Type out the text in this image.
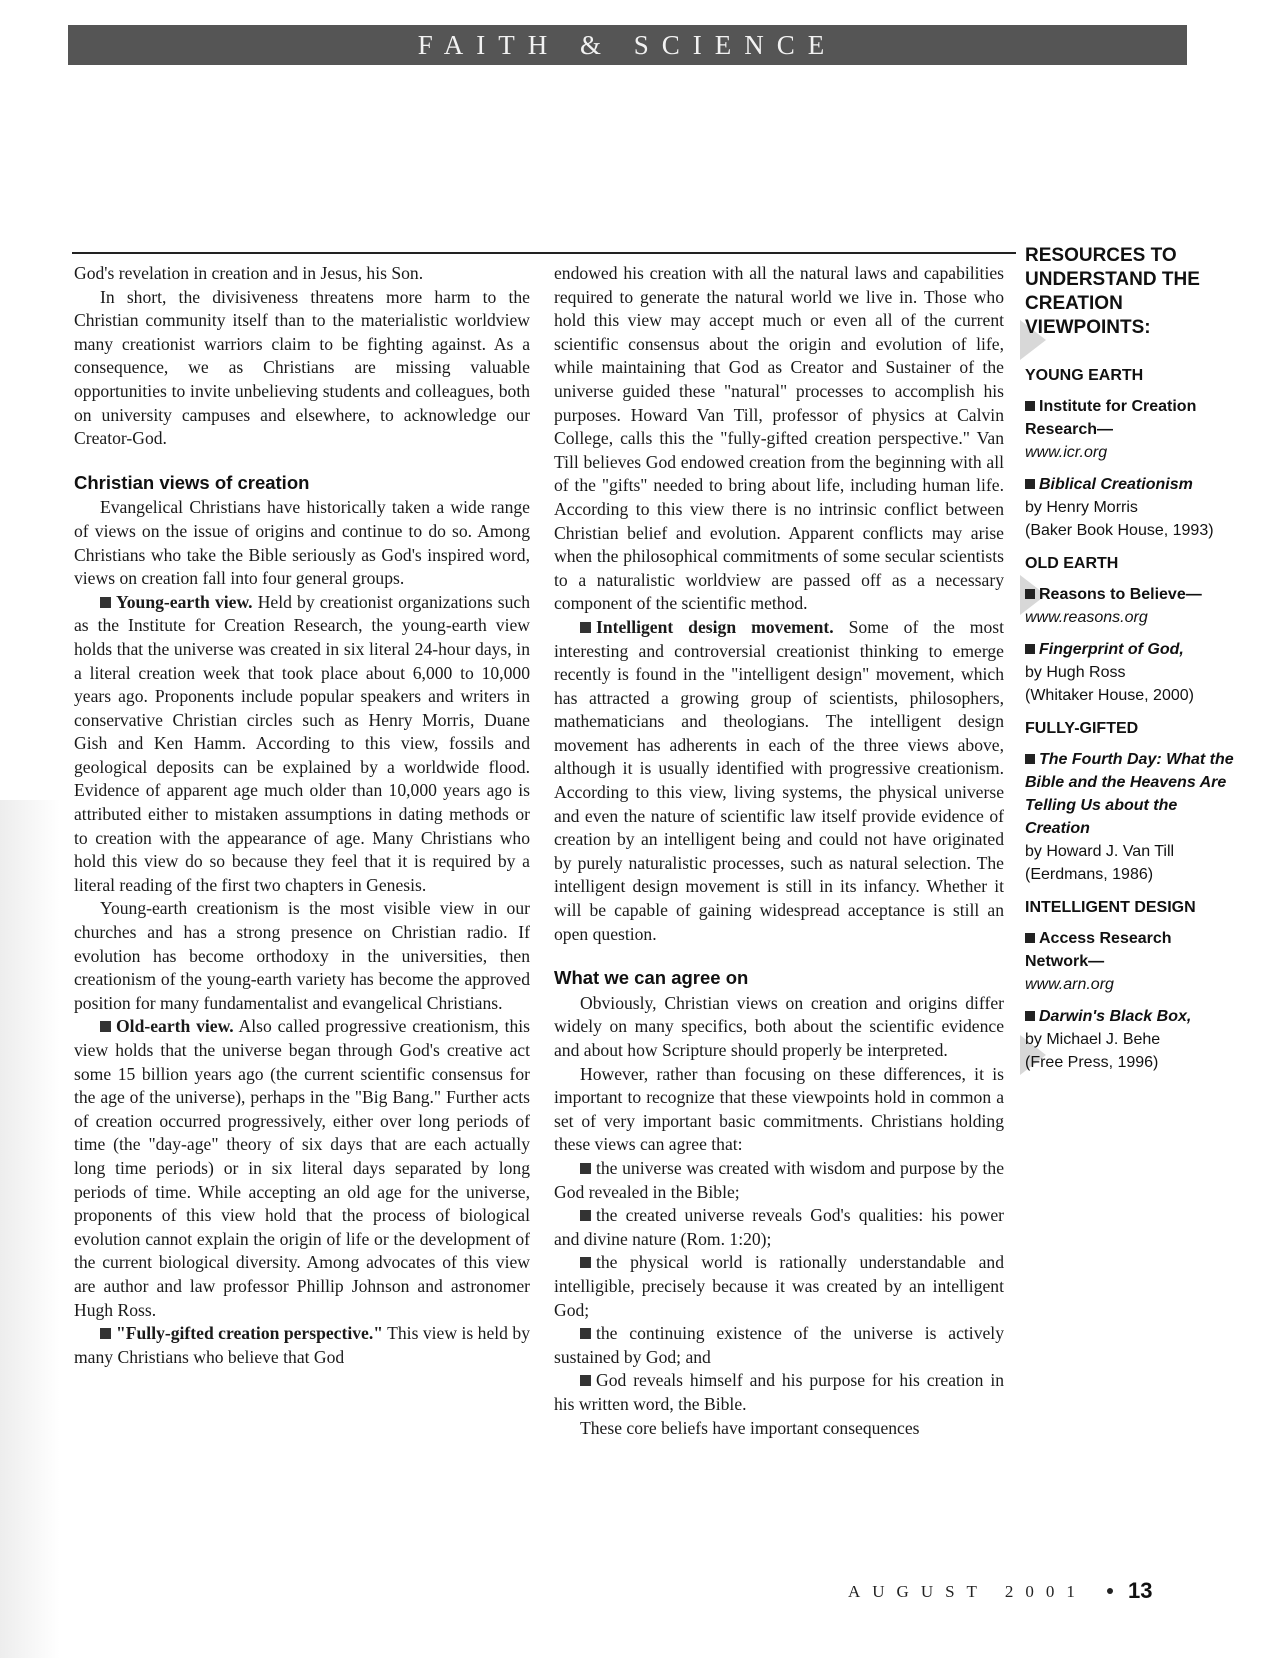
FAITH & SCIENCE

God's revelation in creation and in Jesus, his Son.

In short, the divisiveness threatens more harm to the Christian community itself than to the materialistic worldview many creationist warriors claim to be fighting against. As a consequence, we as Christians are missing valuable opportunities to invite unbelieving students and colleagues, both on university campuses and elsewhere, to acknowledge our Creator-God.

Christian views of creation

Evangelical Christians have historically taken a wide range of views on the issue of origins and continue to do so. Among Christians who take the Bible seriously as God's inspired word, views on creation fall into four general groups.

Young-earth view. Held by creationist organizations such as the Institute for Creation Research, the young-earth view holds that the universe was created in six literal 24-hour days, in a literal creation week that took place about 6,000 to 10,000 years ago. Proponents include popular speakers and writers in conservative Christian circles such as Henry Morris, Duane Gish and Ken Hamm. According to this view, fossils and geological deposits can be explained by a worldwide flood. Evidence of apparent age much older than 10,000 years ago is attributed either to mistaken assumptions in dating methods or to creation with the appearance of age. Many Christians who hold this view do so because they feel that it is required by a literal reading of the first two chapters in Genesis.

Young-earth creationism is the most visible view in our churches and has a strong presence on Christian radio. If evolution has become orthodoxy in the universities, then creationism of the young-earth variety has become the approved position for many fundamentalist and evangelical Christians.

Old-earth view. Also called progressive creationism, this view holds that the universe began through God's creative act some 15 billion years ago (the current scientific consensus for the age of the universe), perhaps in the "Big Bang." Further acts of creation occurred progressively, either over long periods of time (the "day-age" theory of six days that are each actually long time periods) or in six literal days separated by long periods of time. While accepting an old age for the universe, proponents of this view hold that the process of biological evolution cannot explain the origin of life or the development of the current biological diversity. Among advocates of this view are author and law professor Phillip Johnson and astronomer Hugh Ross.

"Fully-gifted creation perspective." This view is held by many Christians who believe that God

endowed his creation with all the natural laws and capabilities required to generate the natural world we live in. Those who hold this view may accept much or even all of the current scientific consensus about the origin and evolution of life, while maintaining that God as Creator and Sustainer of the universe guided these "natural" processes to accomplish his purposes. Howard Van Till, professor of physics at Calvin College, calls this the "fully-gifted creation perspective." Van Till believes God endowed creation from the beginning with all of the "gifts" needed to bring about life, including human life. According to this view there is no intrinsic conflict between Christian belief and evolution. Apparent conflicts may arise when the philosophical commitments of some secular scientists to a naturalistic worldview are passed off as a necessary component of the scientific method.

Intelligent design movement. Some of the most interesting and controversial creationist thinking to emerge recently is found in the "intelligent design" movement, which has attracted a growing group of scientists, philosophers, mathematicians and theologians. The intelligent design movement has adherents in each of the three views above, although it is usually identified with progressive creationism. According to this view, living systems, the physical universe and even the nature of scientific law itself provide evidence of creation by an intelligent being and could not have originated by purely naturalistic processes, such as natural selection. The intelligent design movement is still in its infancy. Whether it will be capable of gaining widespread acceptance is still an open question.

What we can agree on

Obviously, Christian views on creation and origins differ widely on many specifics, both about the scientific evidence and about how Scripture should properly be interpreted.

However, rather than focusing on these differences, it is important to recognize that these viewpoints hold in common a set of very important basic commitments. Christians holding these views can agree that:

the universe was created with wisdom and purpose by the God revealed in the Bible;

the created universe reveals God's qualities: his power and divine nature (Rom. 1:20);

the physical world is rationally understandable and intelligible, precisely because it was created by an intelligent God;

the continuing existence of the universe is actively sustained by God; and

God reveals himself and his purpose for his creation in his written word, the Bible.

These core beliefs have important consequences

RESOURCES TO UNDERSTAND THE CREATION VIEWPOINTS:
YOUNG EARTH
Institute for Creation Research—
www.icr.org
Biblical Creationism
by Henry Morris
(Baker Book House, 1993)
OLD EARTH
Reasons to Believe—
www.reasons.org
Fingerprint of God,
by Hugh Ross
(Whitaker House, 2000)
FULLY-GIFTED
The Fourth Day: What the Bible and the Heavens Are Telling Us about the Creation
by Howard J. Van Till
(Eerdmans, 1986)
INTELLIGENT DESIGN
Access Research Network—
www.arn.org
Darwin's Black Box,
by Michael J. Behe
(Free Press, 1996)
AUGUST 2001 13
